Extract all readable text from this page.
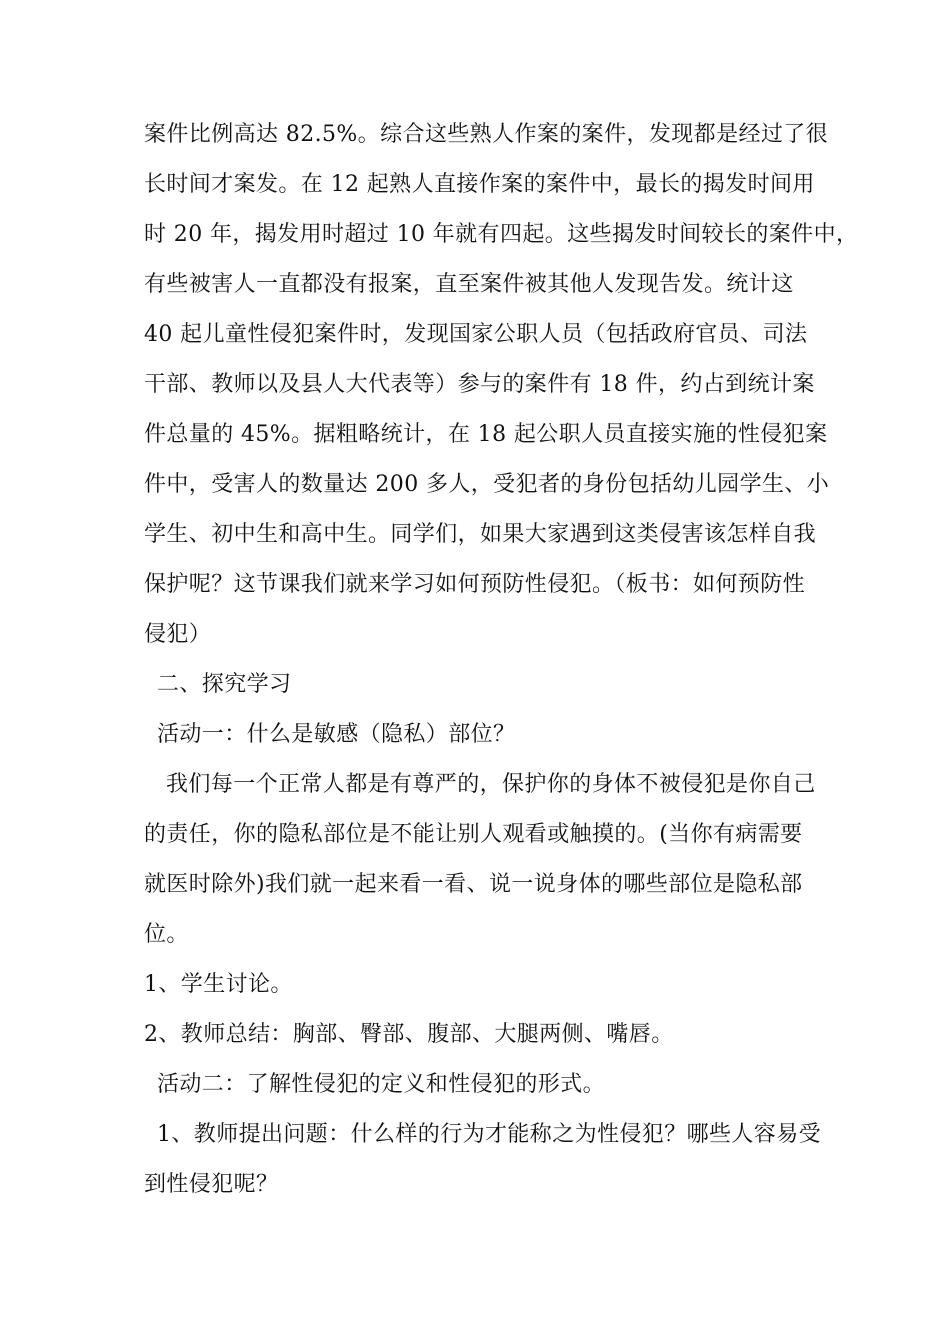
案件比例高达 82.5%。综合这些熟人作案的案件，发现都是经过了很
长时间才案发。在 12 起熟人直接作案的案件中，最长的揭发时间用
时 20 年，揭发用时超过 10 年就有四起。这些揭发时间较长的案件中，
有些被害人一直都没有报案，直至案件被其他人发现告发。统计这
40 起儿童性侵犯案件时，发现国家公职人员（包括政府官员、司法
干部、教师以及县人大代表等）参与的案件有 18 件，约占到统计案
件总量的 45%。据粗略统计，在 18 起公职人员直接实施的性侵犯案
件中，受害人的数量达 200 多人，受犯者的身份包括幼儿园学生、小
学生、初中生和高中生。同学们，如果大家遇到这类侵害该怎样自我
保护呢？这节课我们就来学习如何预防性侵犯。（板书：如何预防性
侵犯）
二、探究学习
活动一：什么是敏感（隐私）部位？
我们每一个正常人都是有尊严的，保护你的身体不被侵犯是你自己
的责任，你的隐私部位是不能让别人观看或触摸的。(当你有病需要
就医时除外)我们就一起来看一看、说一说身体的哪些部位是隐私部
位。
1、学生讨论。
2、教师总结：胸部、臀部、腹部、大腿两侧、嘴唇。
活动二：了解性侵犯的定义和性侵犯的形式。
1、教师提出问题：什么样的行为才能称之为性侵犯？哪些人容易受
到性侵犯呢？
